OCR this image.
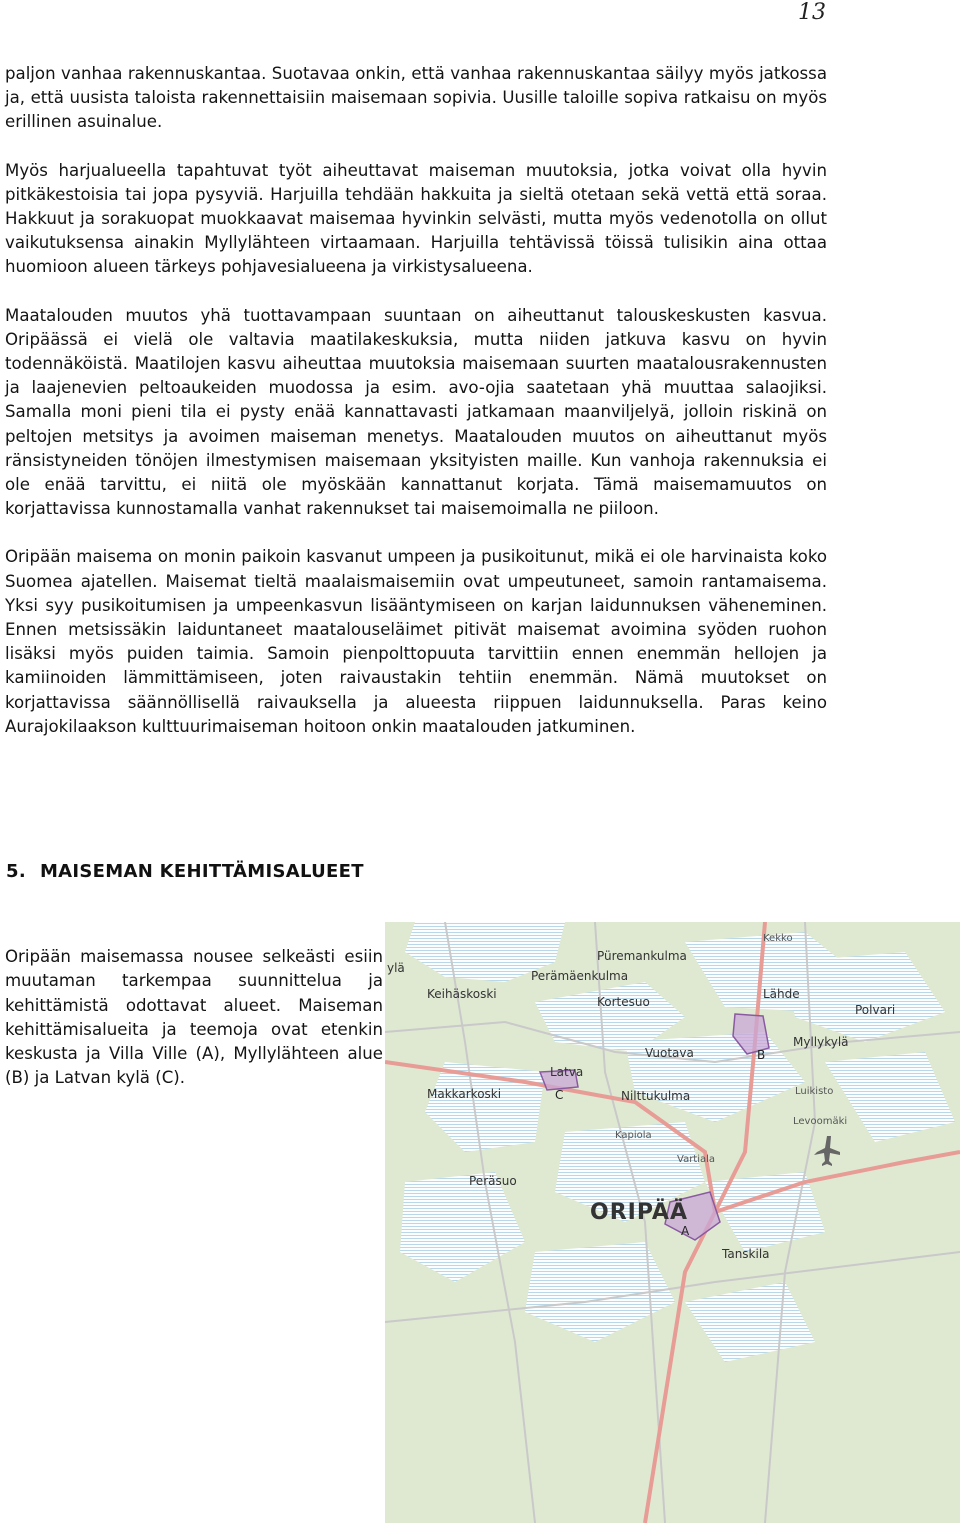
13

paljon vanhaa rakennuskantaa. Suotavaa onkin, että vanhaa rakennuskantaa säilyy myös jatkossa ja, että uusista taloista rakennettaisiin maisemaan sopivia. Uusille taloille sopiva ratkaisu on myös erillinen asuinalue.

Myös harjualueella tapahtuvat työt aiheuttavat maiseman muutoksia, jotka voivat olla hyvin pitkäkestoisia tai jopa pysyviä. Harjuilla tehdään hakkuita ja sieltä otetaan sekä vettä että soraa. Hakkuut ja sorakuopat muokkaavat maisemaa hyvinkin selvästi, mutta myös vedenotolla on ollut vaikutuksensa ainakin Myllylähteen virtaamaan. Harjuilla tehtävissä töissä tulisikin aina ottaa huomioon alueen tärkeys pohjavesialueena ja virkistysalueena.

Maatalouden muutos yhä tuottavampaan suuntaan on aiheuttanut talouskeskusten kasvua. Oripäässä ei vielä ole valtavia maatilakeskuksia, mutta niiden jatkuva kasvu on hyvin todennäköistä. Maatilojen kasvu aiheuttaa muutoksia maisemaan suurten maatalousrakennusten ja laajenevien peltoaukeiden muodossa ja esim. avo-ojia saatetaan yhä muuttaa salaojiksi. Samalla moni pieni tila ei pysty enää kannattavasti jatkamaan maanviljelyä, jolloin riskinä on peltojen metsitys ja avoimen maiseman menetys. Maatalouden muutos on aiheuttanut myös ränsistyneiden tönöjen ilmestymisen maisemaan yksityisten maille. Kun vanhoja rakennuksia ei ole enää tarvittu, ei niitä ole myöskään kannattanut korjata. Tämä maisemamuutos on korjattavissa kunnostamalla vanhat rakennukset tai maisemoimalla ne piiloon.

Oripään maisema on monin paikoin kasvanut umpeen ja pusikoitunut, mikä ei ole harvinaista koko Suomea ajatellen. Maisemat tieltä maalaismaisemiin ovat umpeutuneet, samoin rantamaisema. Yksi syy pusikoitumisen ja umpeenkasvun lisääntymiseen on karjan laidunnuksen väheneminen. Ennen metsissäkin laiduntaneet maatalouseläimet pitivät maisemat avoimina syöden ruohon lisäksi myös puiden taimia. Samoin pienpolttopuuta tarvittiin ennen enemmän hellojen ja kamiinoiden lämmittämiseen, joten raivaustakin tehtiin enemmän. Nämä muutokset on korjattavissa säännöllisellä raivauksella ja alueesta riippuen laidunnuksella. Paras keino Aurajokilaakson kulttuurimaiseman hoitoon onkin maatalouden jatkuminen.

5. MAISEMAN KEHITTÄMISALUEET

Oripään maisemassa nousee selkeästi esiin muutaman tarkempaa suunnittelua ja kehittämistä odottavat alueet. Maiseman kehittämisalueita ja teemoja ovat etenkin keskusta ja Villa Ville (A), Myllylähteen alue (B) ja Latvan kylä (C).

Kekko
Püremankulma
Perämäenkulma
ylä
Keihäskoski
Kortesuo
Lähde
Polvari
Myllykylä
Vuotava
Latva
Luikisto
Makkarkoski	Nilttukulma
Levoomäki
Kapiola
Vartiala
Peräsuo
ORIPÄÄ
Tanskila
B
C
A
